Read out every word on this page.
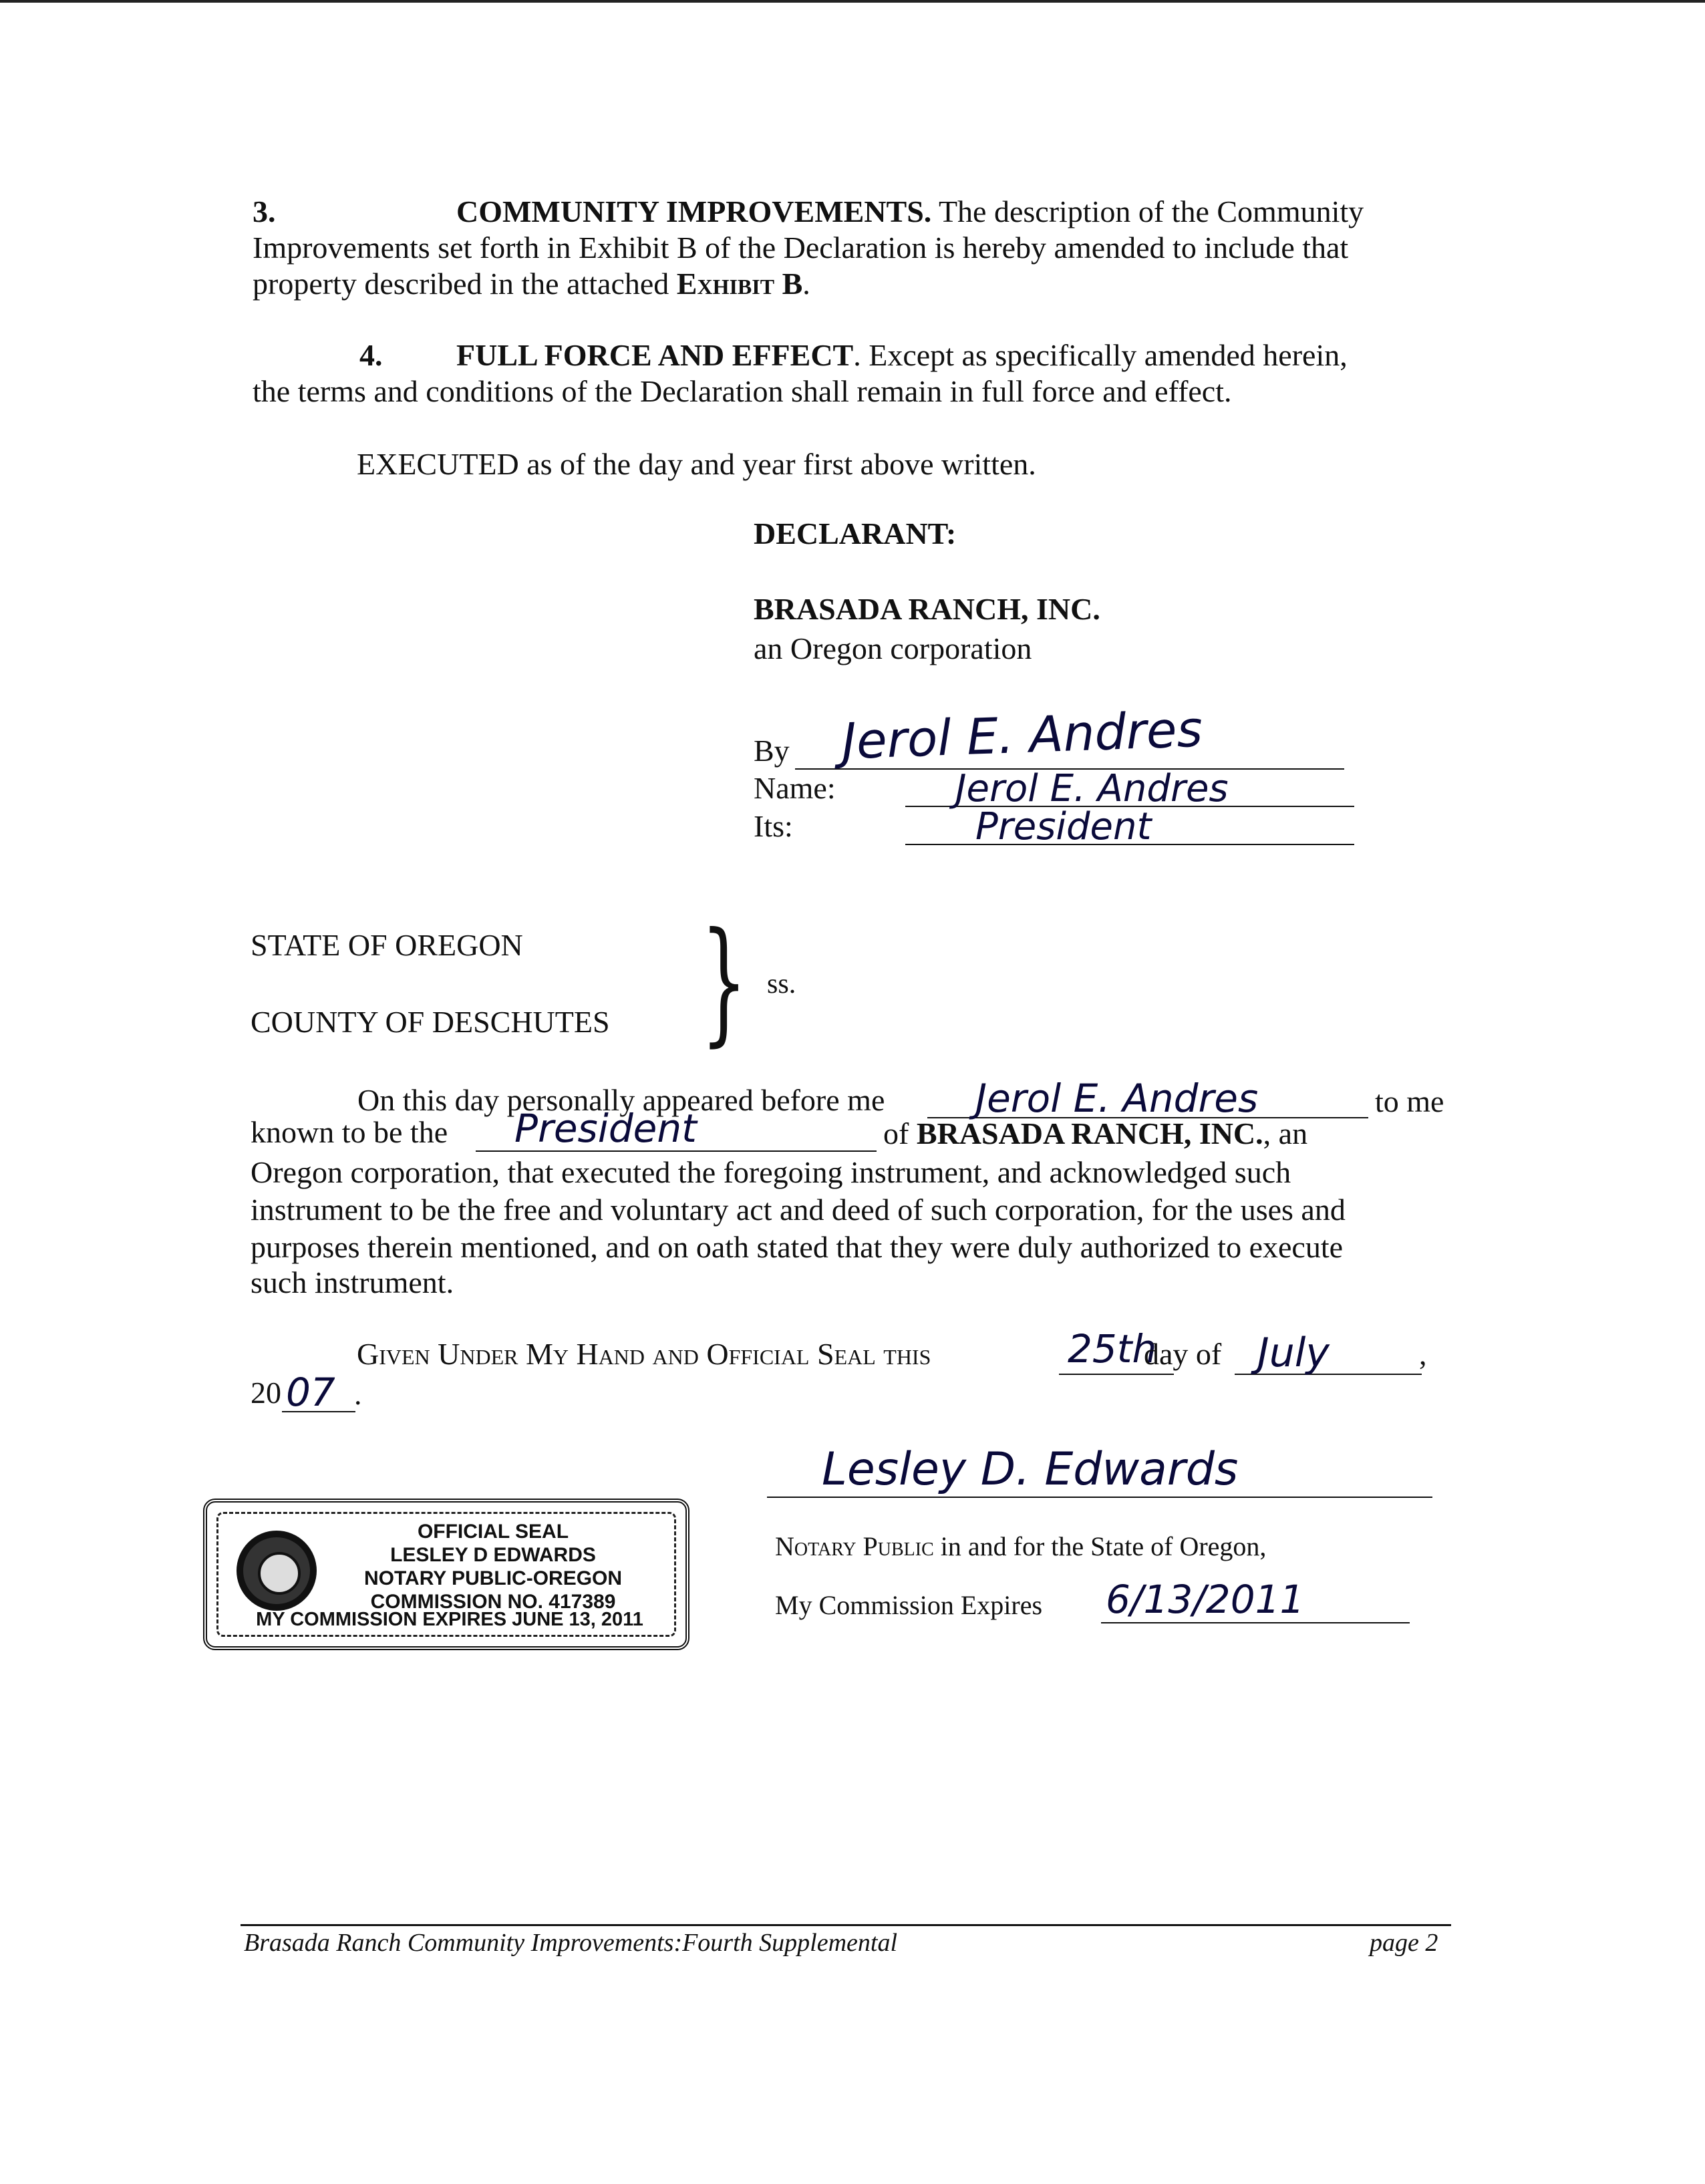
3.	COMMUNITY IMPROVEMENTS. The description of the Community
Improvements set forth in Exhibit B of the Declaration is hereby amended to include that
property described in the attached Exhibit B.
4. FULL FORCE AND EFFECT. Except as specifically amended herein,
the terms and conditions of the Declaration shall remain in full force and effect.
EXECUTED as of the day and year first above written.
DECLARANT:
BRASADA RANCH, INC.
an Oregon corporation
By Jerol E. Andres
Name:	Jerol E. Andres
Its:	President
STATE OF OREGON
COUNTY OF DESCHUTES } ss.
On this day personally appeared before me Jerol E. Andres	to me
known to be the President	of BRASADA RANCH, INC., an
Oregon corporation, that executed the foregoing instrument, and acknowledged such
instrument to be the free and voluntary act and deed of such corporation, for the uses and
purposes therein mentioned, and on oath stated that they were duly authorized to execute
such instrument.
Given Under My Hand and Official Seal this	25th
day of July	,
20 07 .
Lesley D. Edwards
Notary Public in and for the State of Oregon,
My Commission Expires 6/13/2011
OFFICIAL SEAL
LESLEY D EDWARDS
NOTARY PUBLIC-OREGON
COMMISSION NO. 417389
MY COMMISSION EXPIRES JUNE 13, 2011
Brasada Ranch Community Improvements:Fourth Supplemental	page 2
